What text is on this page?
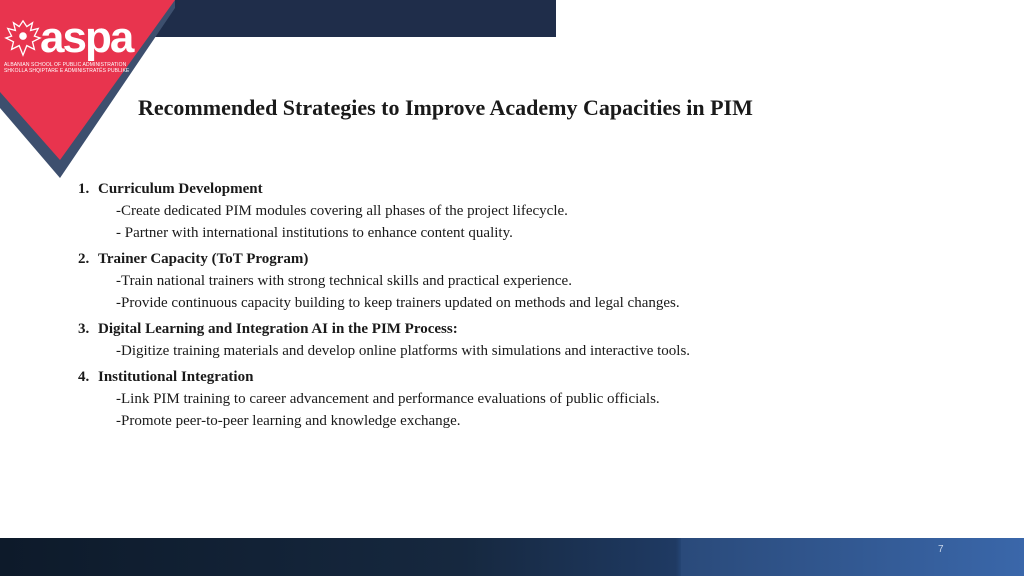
aspa
ALBANIAN SCHOOL OF PUBLIC ADMINISTRATION
SHKOLLA SHQIPTARE E ADMINISTRATËS PUBLIKE
Recommended Strategies to Improve Academy Capacities in PIM
1. Curriculum Development
-Create dedicated PIM modules covering all phases of the project lifecycle.
- Partner with international institutions to enhance content quality.
2. Trainer Capacity (ToT Program)
-Train national trainers with strong technical skills and practical experience.
-Provide continuous capacity building to keep trainers updated on methods and legal changes.
3. Digital Learning and Integration AI in the PIM Process:
-Digitize training materials and develop online platforms with simulations and interactive tools.
4. Institutional Integration
-Link PIM training to career advancement and performance evaluations of public officials.
-Promote peer-to-peer learning and knowledge exchange.
7
